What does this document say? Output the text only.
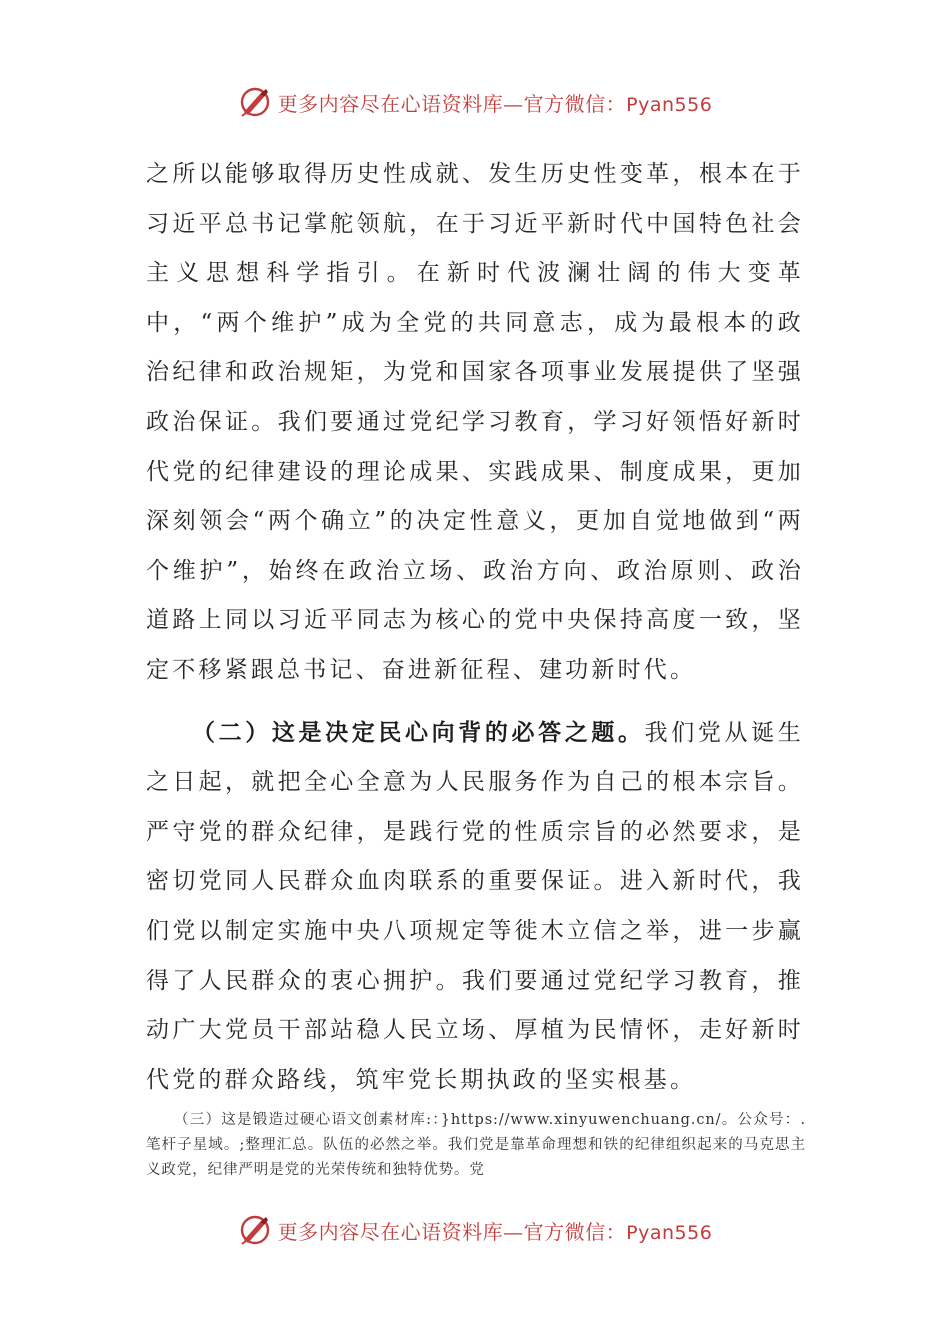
更多内容尽在心语资料库—官方微信：Pyan556

之所以能够取得历史性成就、发生历史性变革，根本在于习近平总书记掌舵领航，在于习近平新时代中国特色社会主义思想科学指引。在新时代波澜壮阔的伟大变革中，“两个维护”成为全党的共同意志，成为最根本的政治纪律和政治规矩，为党和国家各项事业发展提供了坚强政治保证。我们要通过党纪学习教育，学习好领悟好新时代党的纪律建设的理论成果、实践成果、制度成果，更加深刻领会“两个确立”的决定性意义，更加自觉地做到“两个维护”，始终在政治立场、政治方向、政治原则、政治道路上同以习近平同志为核心的党中央保持高度一致，坚定不移紧跟总书记、奋进新征程、建功新时代。

（二）这是决定民心向背的必答之题。我们党从诞生之日起，就把全心全意为人民服务作为自己的根本宗旨。严守党的群众纪律，是践行党的性质宗旨的必然要求，是密切党同人民群众血肉联系的重要保证。进入新时代，我们党以制定实施中央八项规定等徙木立信之举，进一步赢得了人民群众的衷心拥护。我们要通过党纪学习教育，推动广大党员干部站稳人民立场、厚植为民情怀，走好新时代党的群众路线，筑牢党长期执政的坚实根基。

（三）这是锻造过硬心语文创素材库:：}https://www.xinyuwenchuang.cn/。公众号：.笔杆子星域。;整理汇总。队伍的必然之举。我们党是靠革命理想和铁的纪律组织起来的马克思主义政党，纪律严明是党的光荣传统和独特优势。党

更多内容尽在心语资料库—官方微信：Pyan556
